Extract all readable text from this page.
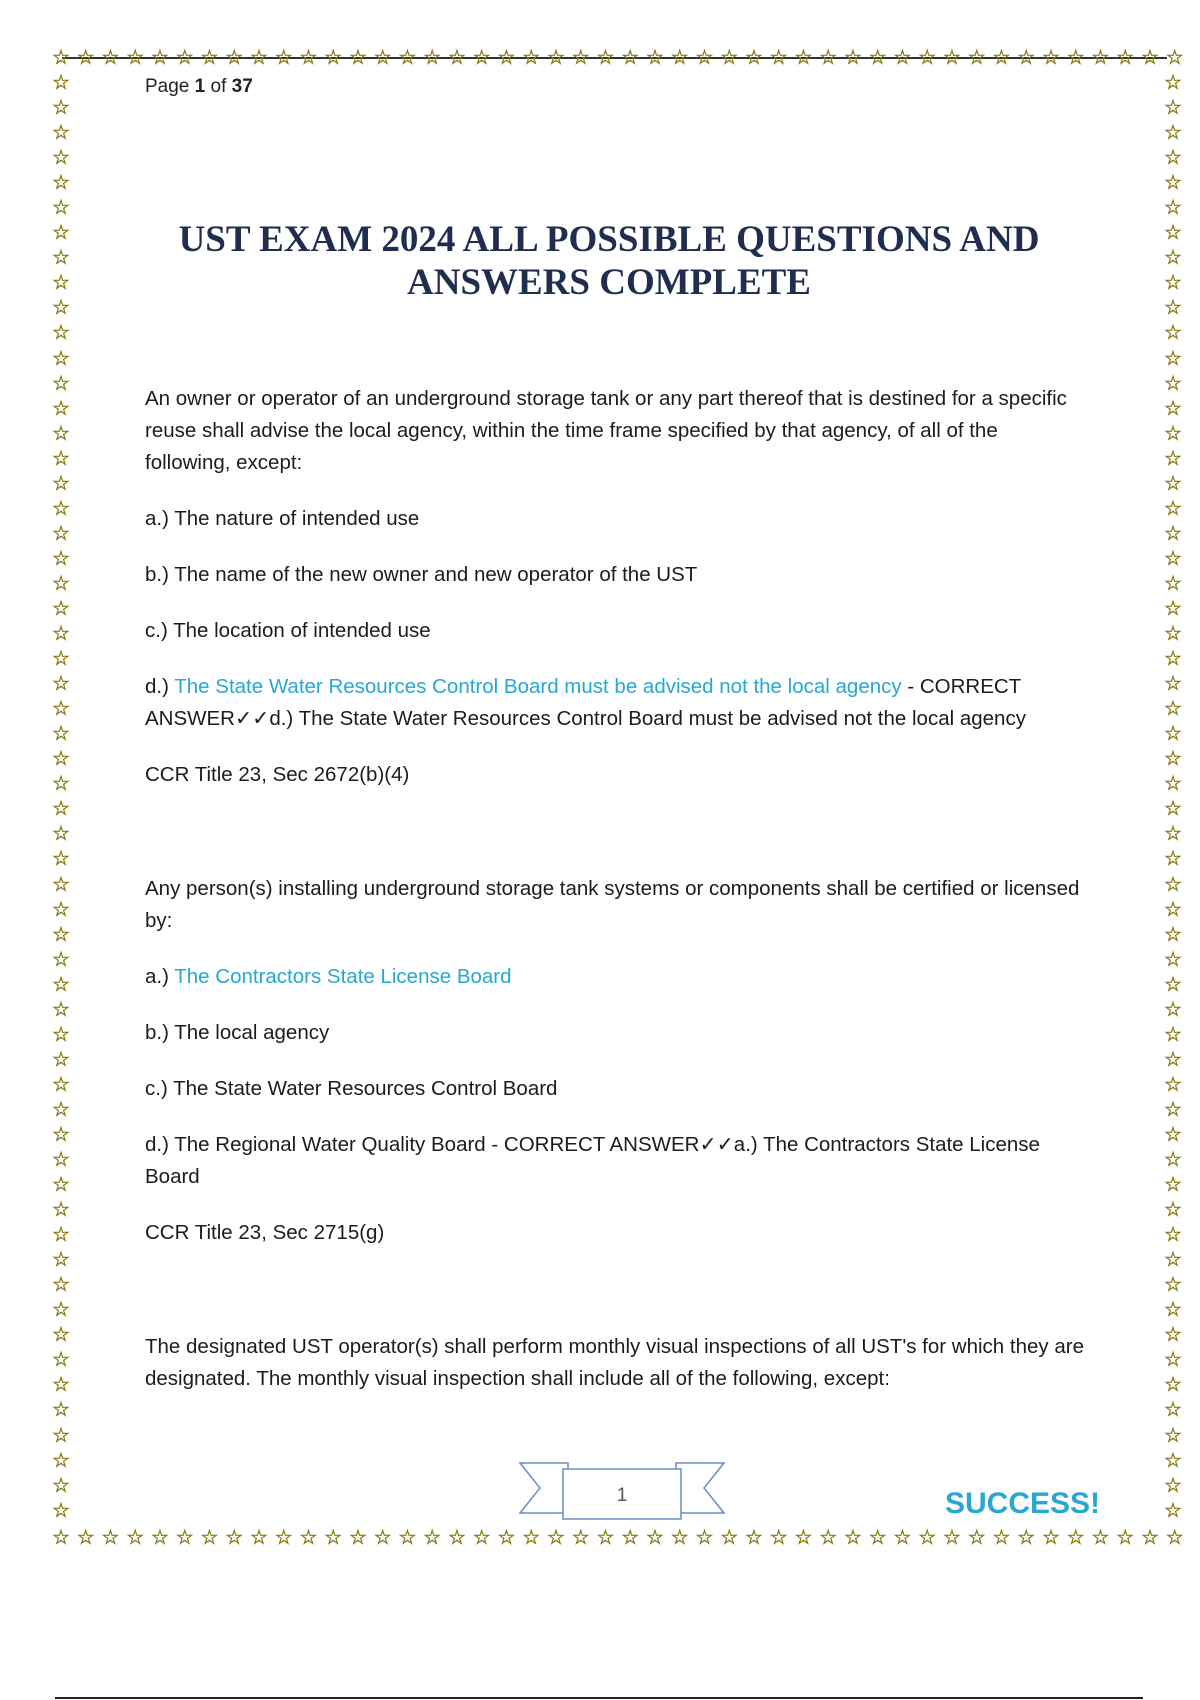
☆ ☆ ☆ ☆ ☆ ☆ ☆ ☆ ☆ ☆ ☆ ☆ ☆ ☆ ☆ ☆ ☆ ☆ ☆ ☆ ☆ ☆ ☆ ☆ ☆ ☆ ☆ ☆ ☆ ☆ ☆ ☆ ☆ ☆ ☆ ☆ ☆ ☆ ☆ ☆ ☆ ☆ ☆ ☆ ☆ ☆
☆ ☆ ☆ ☆ ☆ ☆ ☆ ☆ ☆ ☆ ☆ ☆ ☆ ☆ ☆ ☆ ☆ ☆ ☆ ☆ ☆ ☆ ☆ ☆ ☆ ☆ ☆ ☆ ☆ ☆ ☆ ☆ ☆ ☆ ☆ ☆ ☆ ☆ ☆ ☆ ☆ ☆ ☆ ☆ ☆ ☆
☆
☆
☆
☆
☆
☆
☆
☆
☆
☆
☆
☆
☆
☆
☆
☆
☆
☆
☆
☆
☆
☆
☆
☆
☆
☆
☆
☆
☆
☆
☆
☆
☆
☆
☆
☆
☆
☆
☆
☆
☆
☆
☆
☆
☆
☆
☆
☆
☆
☆
☆
☆
☆
☆
☆
☆
☆
☆
☆
☆
☆
☆
☆
☆
☆
☆
☆
☆
☆
☆
☆
☆
☆
☆
☆
☆
☆
☆
☆
☆
☆
☆
☆
☆
☆
☆
☆
☆
☆
☆
☆
☆
☆
☆
☆
☆
☆
☆
☆
☆
☆
☆
☆
☆
☆
☆
☆
☆
☆
☆
☆
☆
☆
☆
☆
☆
Page 1 of 37
UST EXAM 2024 ALL POSSIBLE QUESTIONS AND
ANSWERS COMPLETE

An owner or operator of an underground storage tank or any part thereof that is destined for a specific reuse shall advise the local agency, within the time frame specified by that agency, of all of the following, except:

a.) The nature of intended use

b.) The name of the new owner and new operator of the UST

c.) The location of intended use

d.) The State Water Resources Control Board must be advised not the local agency - CORRECT ANSWER✓✓d.) The State Water Resources Control Board must be advised not the local agency

CCR Title 23, Sec 2672(b)(4)

Any person(s) installing underground storage tank systems or components shall be certified or licensed by:

a.) The Contractors State License Board

b.) The local agency

c.) The State Water Resources Control Board

d.) The Regional Water Quality Board - CORRECT ANSWER✓✓a.) The Contractors State License Board

CCR Title 23, Sec 2715(g)

The designated UST operator(s) shall perform monthly visual inspections of all UST's for which they are designated. The monthly visual inspection shall include all of the following, except:

1	SUCCESS!
